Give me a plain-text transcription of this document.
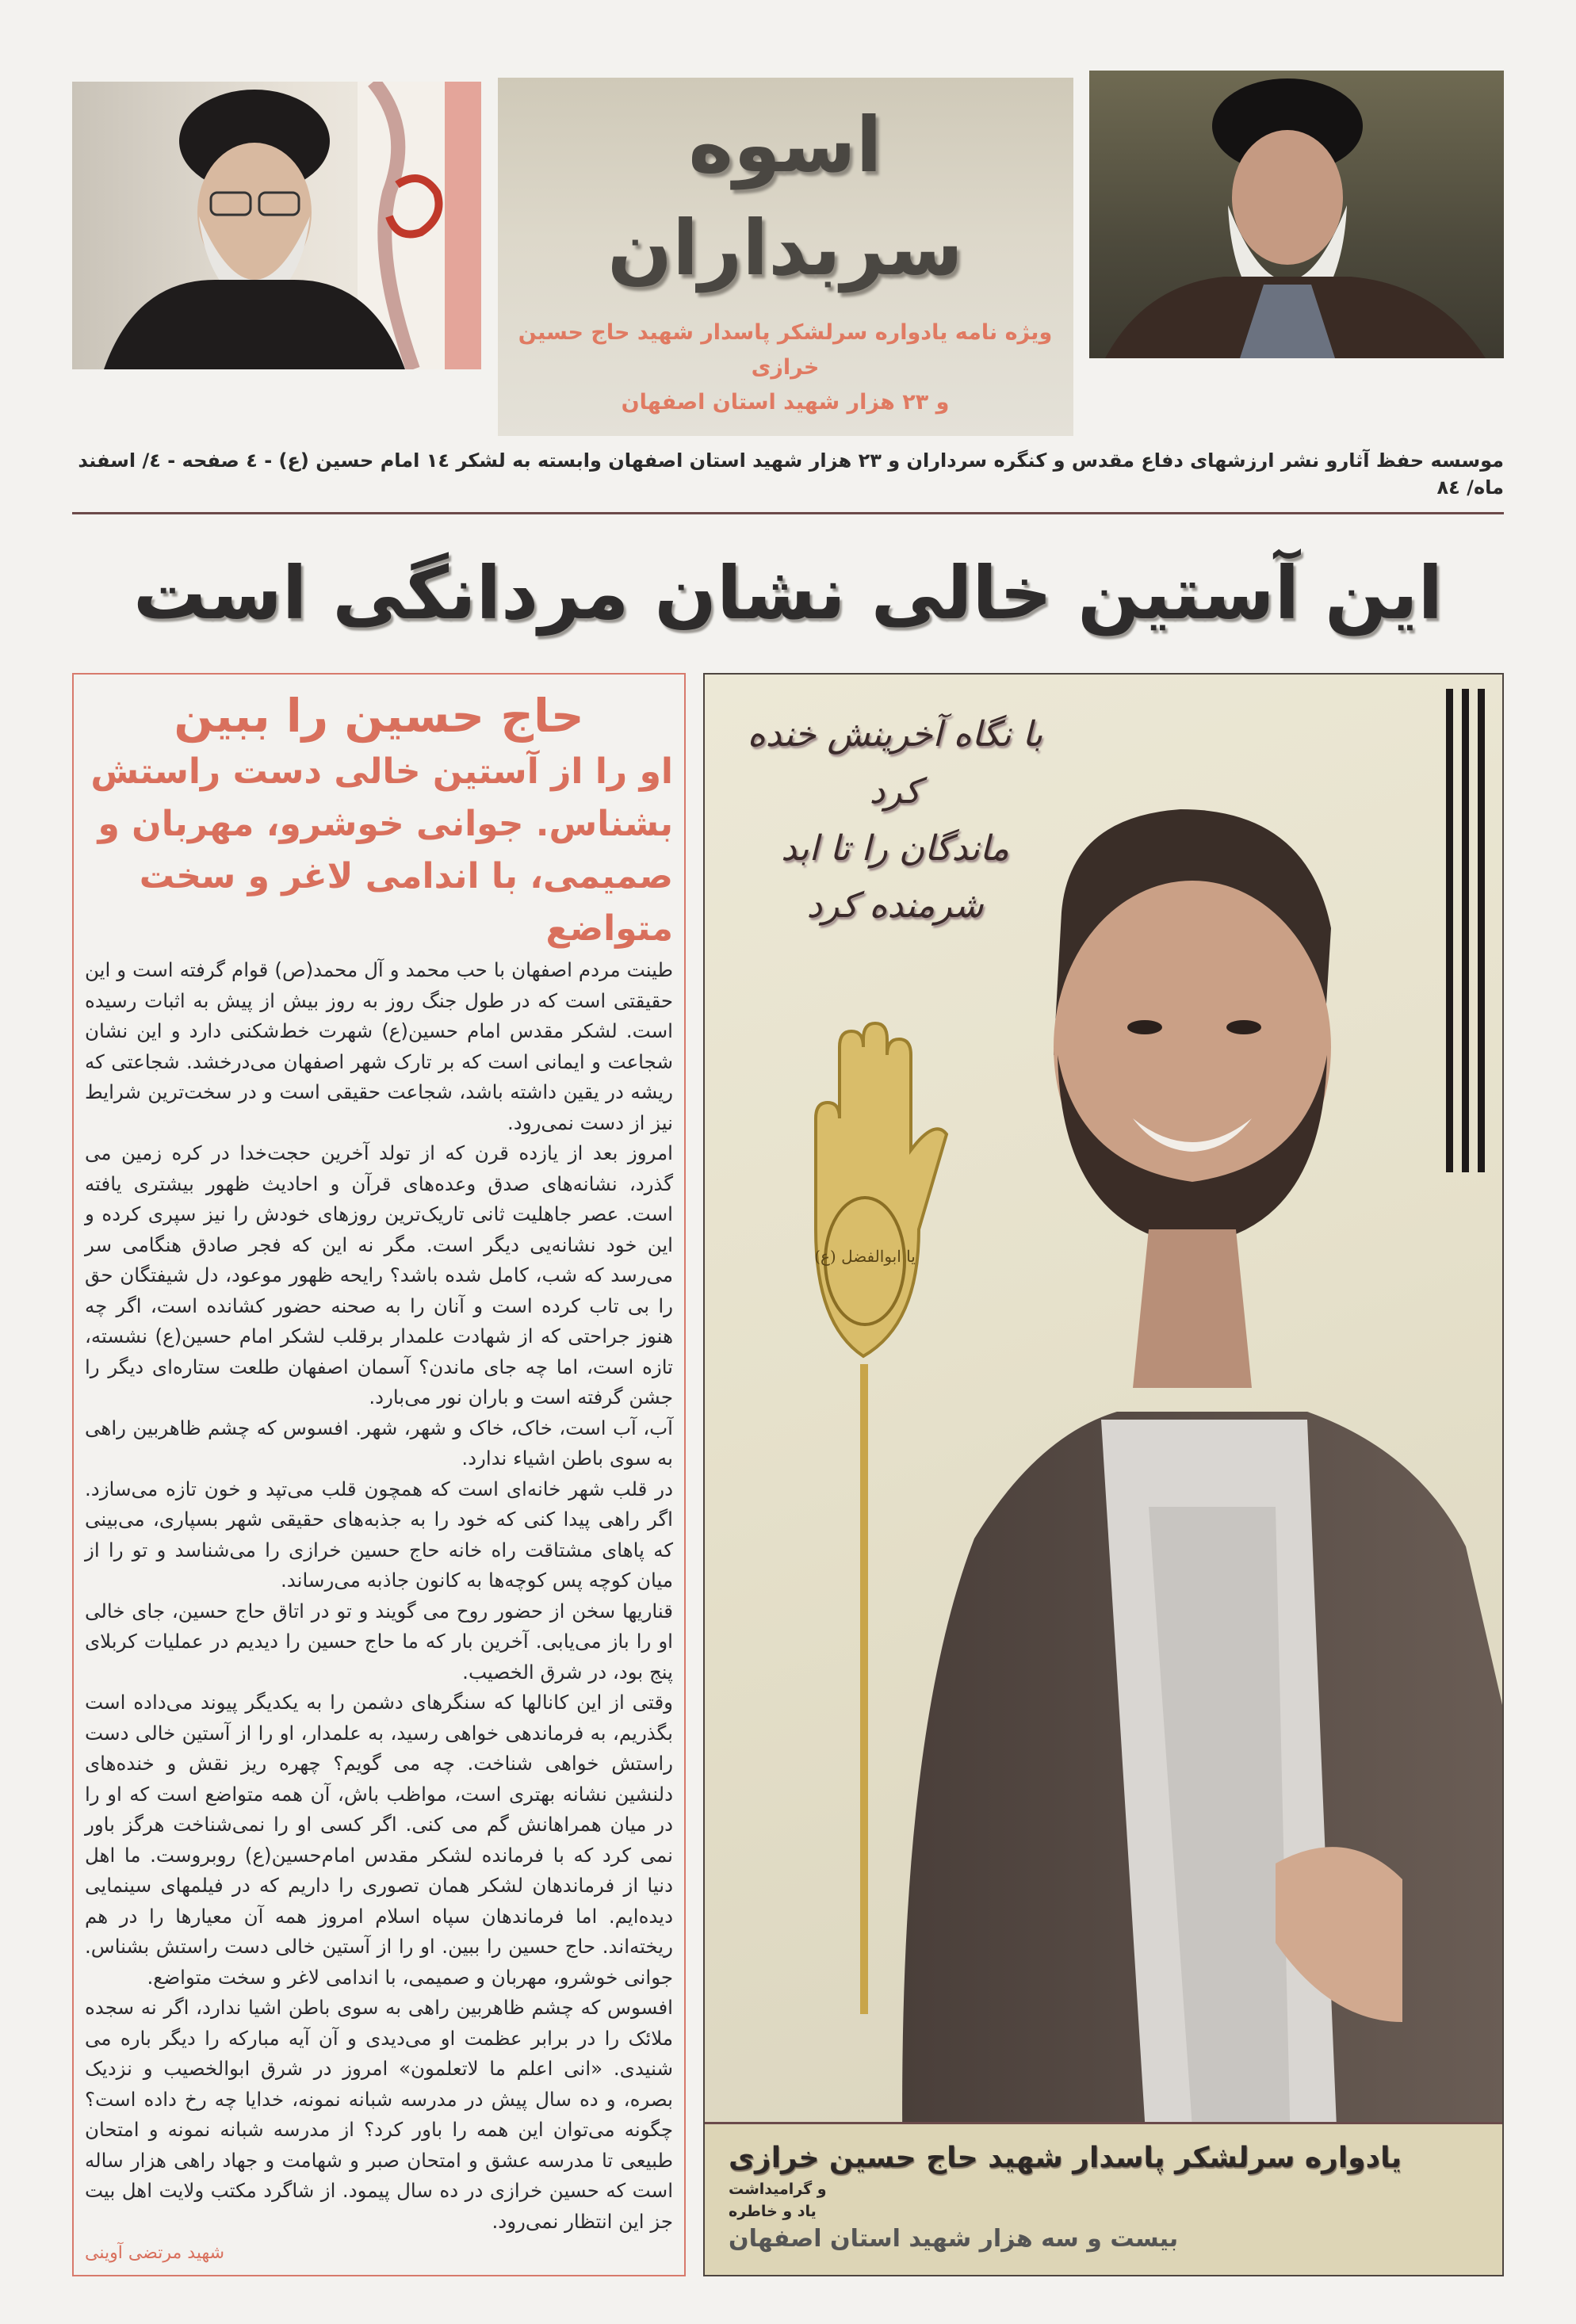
اسوه سربداران
ویژه نامه یادواره سرلشکر پاسدار شهید حاج حسین خرازی
و ۲۳ هزار شهید استان اصفهان
موسسه حفظ آثارو نشر ارزشهای دفاع مقدس و کنگره سرداران و ۲۳ هزار شهید استان اصفهان وابسته به لشکر ١٤ امام حسین (ع) - ٤ صفحه - ٤/ اسفند ماه/ ٨٤
این آستین خالی نشان مردانگی است
حاج حسین را ببین
او را از آستین خالی دست راستش
بشناس. جوانی خوشرو، مهربان و
صمیمی، با اندامی لاغر و سخت متواضع

طینت مردم اصفهان با حب محمد و آل محمد(ص) قوام گرفته است و این حقیقتی است که در طول جنگ روز به روز بیش از پیش به اثبات رسیده است. لشکر مقدس امام حسین(ع) شهرت خط‌شکنی دارد و این نشان شجاعت و ایمانی است که بر تارک شهر اصفهان می‌درخشد. شجاعتی که ریشه در یقین داشته باشد، شجاعت حقیقی است و در سخت‌ترین شرایط نیز از دست نمی‌رود.

امروز بعد از یازده قرن که از تولد آخرین حجت‌خدا در کره زمین می گذرد، نشانه‌های صدق وعده‌های قرآن و احادیث ظهور بیشتری یافته است. عصر جاهلیت ثانی تاریک‌ترین روزهای خودش را نیز سپری کرده و این خود نشانه‌یی دیگر است. مگر نه این که فجر صادق هنگامی سر می‌رسد که شب، کامل شده باشد؟ رایحه ظهور موعود، دل شیفتگان حق را بی تاب کرده است و آنان را به صحنه حضور کشانده است، اگر چه هنوز جراحتی که از شهادت علمدار برقلب لشکر امام حسین(ع) نشسته، تازه است، اما چه جای ماندن؟ آسمان اصفهان طلعت ستاره‌ای دیگر را جشن گرفته است و باران نور می‌بارد.

آب، آب است، خاک، خاک و شهر، شهر. افسوس که چشم ظاهربین راهی به سوی باطن اشیاء ندارد.

در قلب شهر خانه‌ای است که همچون قلب می‌تپد و خون تازه می‌سازد. اگر راهی پیدا کنی که خود را به جذبه‌های حقیقی شهر بسپاری، می‌بینی که پاهای مشتاقت راه خانه حاج حسین خرازی را می‌شناسد و تو را از میان کوچه پس کوچه‌ها به کانون جاذبه می‌رساند.

قناریها سخن از حضور روح می گویند و تو در اتاق حاج حسین، جای خالی او را باز می‌یابی. آخرین بار که ما حاج حسین را دیدیم در عملیات کربلای پنج بود، در شرق الخصیب.

وقتی از این کانالها که سنگرهای دشمن را به یکدیگر پیوند می‌داده است بگذریم، به فرماندهی خواهی رسید، به علمدار، او را از آستین خالی دست راستش خواهی شناخت. چه می گویم؟ چهره ریز نقش و خنده‌های دلنشین نشانه بهتری است، مواظب باش، آن همه متواضع است که او را در میان همراهانش گم می کنی. اگر کسی او را نمی‌شناخت هرگز باور نمی کرد که با فرمانده لشکر مقدس امام‌حسین(ع) روبروست. ما اهل دنیا از فرماندهان لشکر همان تصوری را داریم که در فیلمهای سینمایی دیده‌ایم. اما فرماندهان سپاه اسلام امروز همه آن معیارها را در هم ریخته‌اند. حاج حسین را ببین. او را از آستین خالی دست راستش بشناس. جوانی خوشرو، مهربان و صمیمی، با اندامی لاغر و سخت متواضع.

افسوس که چشم ظاهربین راهی به سوی باطن اشیا ندارد، اگر نه سجده ملائک را در برابر عظمت او می‌دیدی و آن آیه مبارکه را دیگر باره می شنیدی. «انی اعلم ما لاتعلمون» امروز در شرق ابوالخصیب و نزدیک بصره، و ده سال پیش در مدرسه شبانه نمونه، خدایا چه رخ داده است؟ چگونه می‌توان این همه را باور کرد؟ از مدرسه شبانه نمونه و امتحان طبیعی تا مدرسه عشق و امتحان صبر و شهامت و جهاد راهی هزار ساله است که حسین خرازی در ده سال پیمود. از شاگرد مکتب ولایت اهل بیت جز این انتظار نمی‌رود.

شهید مرتضی آوینی
با نگاه آخرینش خنده کرد
ماندگان را تا ابد شرمنده کرد
یا ابوالفضل (ع)
یادواره سرلشکر پاسدار شهید حاج حسین خرازی
و گرامیداشت
یاد و خاطره
بیست و سه هزار شهید استان اصفهان
